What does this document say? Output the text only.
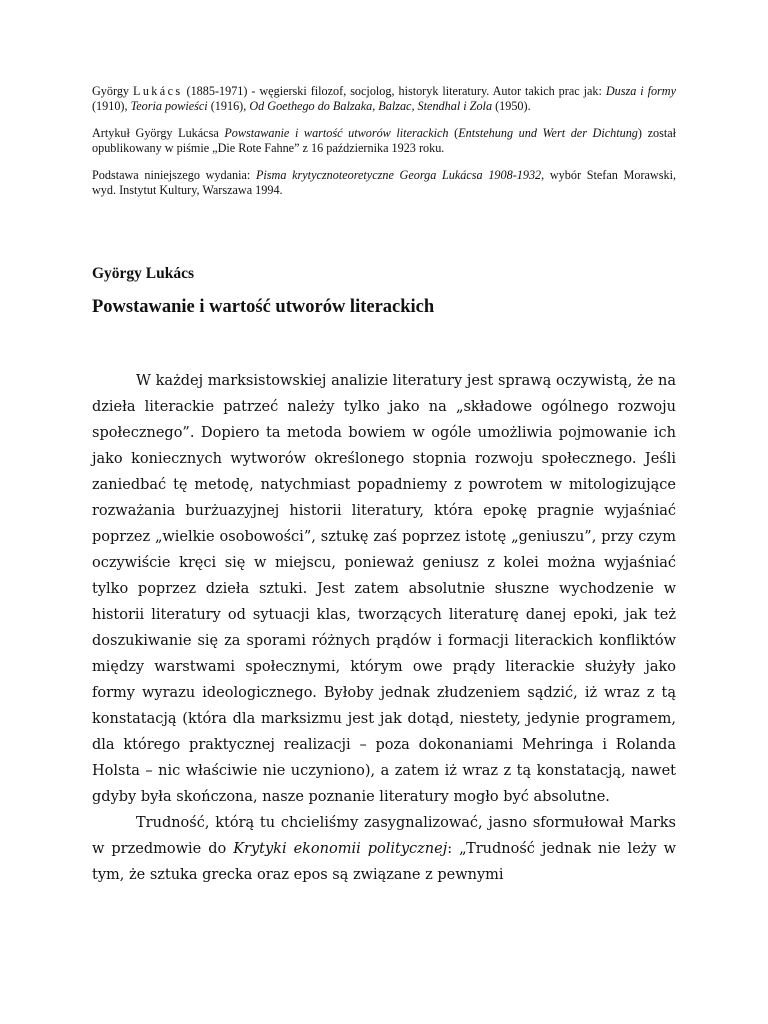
György Lukács (1885-1971) - węgierski filozof, socjolog, historyk literatury. Autor takich prac jak: Dusza i formy (1910), Teoria powieści (1916), Od Goethego do Balzaka, Balzac, Stendhal i Zola (1950).

Artykuł György Lukácsa Powstawanie i wartość utworów literackich (Entstehung und Wert der Dichtung) został opublikowany w piśmie „Die Rote Fahne” z 16 października 1923 roku.

Podstawa niniejszego wydania: Pisma krytycznoteoretyczne Georga Lukácsa 1908-1932, wybór Stefan Morawski, wyd. Instytut Kultury, Warszawa 1994.

György Lukács
Powstawanie i wartość utworów literackich

W każdej marksistowskiej analizie literatury jest sprawą oczywistą, że na dzieła literackie patrzeć należy tylko jako na „składowe ogólnego rozwoju społecznego”. Dopiero ta metoda bowiem w ogóle umożliwia pojmowanie ich jako koniecznych wytworów określonego stopnia rozwoju społecznego. Jeśli zaniedbać tę metodę, natychmiast popadniemy z powrotem w mitologizujące rozważania burżuazyjnej historii literatury, która epokę pragnie wyjaśniać poprzez „wielkie osobowości”, sztukę zaś poprzez istotę „geniuszu”, przy czym oczywiście kręci się w miejscu, ponieważ geniusz z kolei można wyjaśniać tylko poprzez dzieła sztuki. Jest zatem absolutnie słuszne wychodzenie w historii literatury od sytuacji klas, tworzących literaturę danej epoki, jak też doszukiwanie się za sporami różnych prądów i formacji literackich konfliktów między warstwami społecznymi, którym owe prądy literackie służyły jako formy wyrazu ideologicznego. Byłoby jednak złudzeniem sądzić, iż wraz z tą konstatacją (która dla marksizmu jest jak dotąd, niestety, jedynie programem, dla którego praktycznej realizacji – poza dokonaniami Mehringa i Rolanda Holsta – nic właściwie nie uczyniono), a zatem iż wraz z tą konstatacją, nawet gdyby była skończona, nasze poznanie literatury mogło być absolutne.

Trudność, którą tu chcieliśmy zasygnalizować, jasno sformułował Marks w przedmowie do Krytyki ekonomii politycznej: „Trudność jednak nie leży w tym, że sztuka grecka oraz epos są związane z pewnymi
